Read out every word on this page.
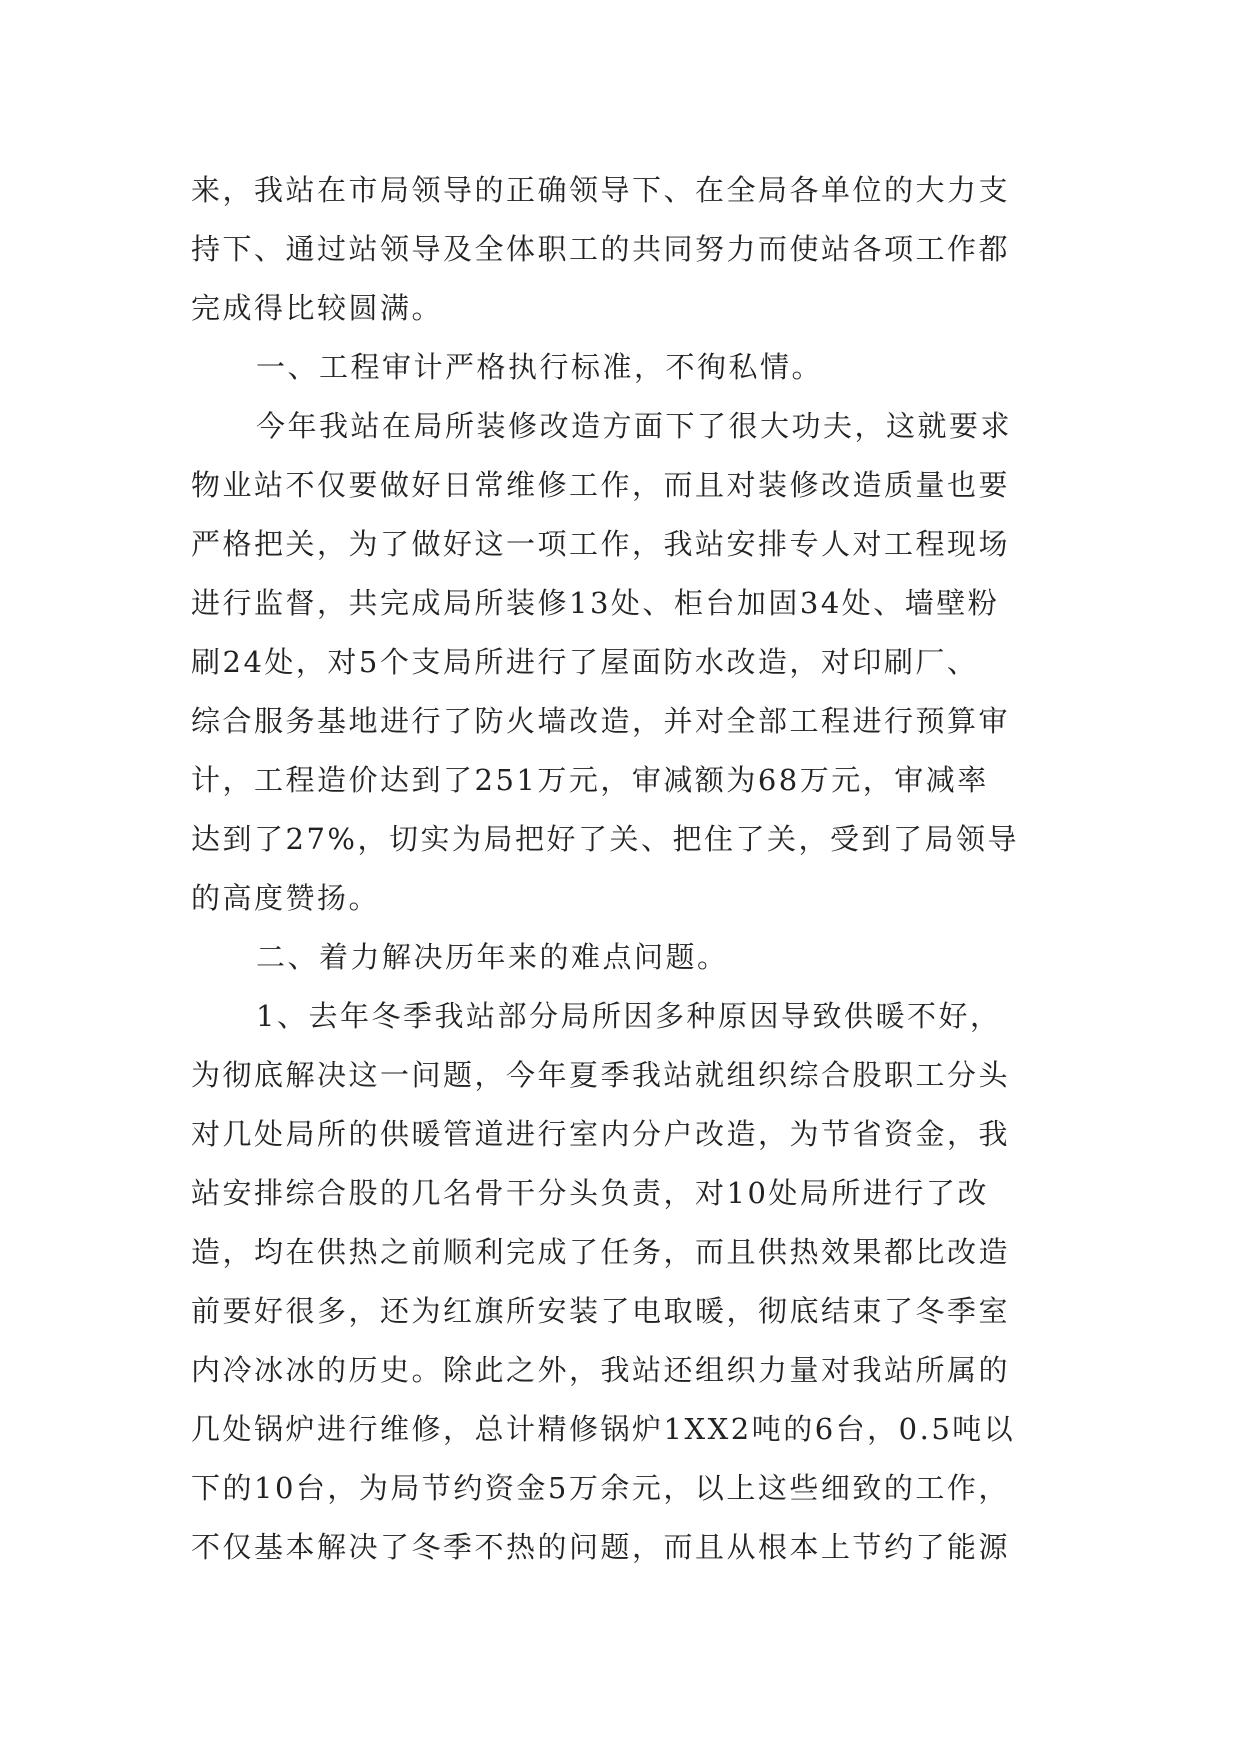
来，我站在市局领导的正确领导下、在全局各单位的大力支
持下、通过站领导及全体职工的共同努力而使站各项工作都
完成得比较圆满。
一、工程审计严格执行标准，不徇私情。
今年我站在局所装修改造方面下了很大功夫，这就要求
物业站不仅要做好日常维修工作，而且对装修改造质量也要
严格把关，为了做好这一项工作，我站安排专人对工程现场
进行监督，共完成局所装修13处、柜台加固34处、墙壁粉
刷24处，对5个支局所进行了屋面防水改造，对印刷厂、
综合服务基地进行了防火墙改造，并对全部工程进行预算审
计，工程造价达到了251万元，审减额为68万元，审减率
达到了27%，切实为局把好了关、把住了关，受到了局领导
的高度赞扬。
二、着力解决历年来的难点问题。
1、去年冬季我站部分局所因多种原因导致供暖不好，
为彻底解决这一问题，今年夏季我站就组织综合股职工分头
对几处局所的供暖管道进行室内分户改造，为节省资金，我
站安排综合股的几名骨干分头负责，对10处局所进行了改
造，均在供热之前顺利完成了任务，而且供热效果都比改造
前要好很多，还为红旗所安装了电取暖，彻底结束了冬季室
内冷冰冰的历史。除此之外，我站还组织力量对我站所属的
几处锅炉进行维修，总计精修锅炉1XX2吨的6台，0.5吨以
下的10台，为局节约资金5万余元，以上这些细致的工作，
不仅基本解决了冬季不热的问题，而且从根本上节约了能源
